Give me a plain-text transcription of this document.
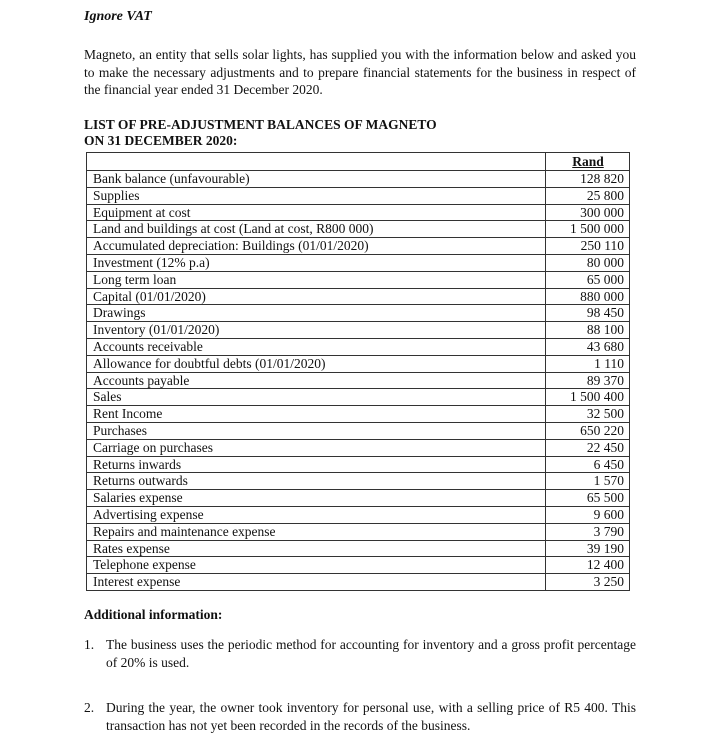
Ignore VAT

Magneto, an entity that sells solar lights, has supplied you with the information below and asked you to make the necessary adjustments and to prepare financial statements for the business in respect of the financial year ended 31 December 2020.

LIST OF PRE-ADJUSTMENT BALANCES OF MAGNETO
ON 31 DECEMBER 2020:

	Rand
Bank balance (unfavourable)	128 820
Supplies	25 800
Equipment at cost	300 000
Land and buildings at cost (Land at cost, R800 000)	1 500 000
Accumulated depreciation: Buildings (01/01/2020)	250 110
Investment (12% p.a)	80 000
Long term loan	65 000
Capital (01/01/2020)	880 000
Drawings	98 450
Inventory (01/01/2020)	88 100
Accounts receivable	43 680
Allowance for doubtful debts (01/01/2020)	1 110
Accounts payable	89 370
Sales	1 500 400
Rent Income	32 500
Purchases	650 220
Carriage on purchases	22 450
Returns inwards	6 450
Returns outwards	1 570
Salaries expense	65 500
Advertising expense	9 600
Repairs and maintenance expense	3 790
Rates expense	39 190
Telephone expense	12 400
Interest expense	3 250

Additional information:

1. The business uses the periodic method for accounting for inventory and a gross profit percentage of 20% is used.
2. During the year, the owner took inventory for personal use, with a selling price of R5 400. This transaction has not yet been recorded in the records of the business.
